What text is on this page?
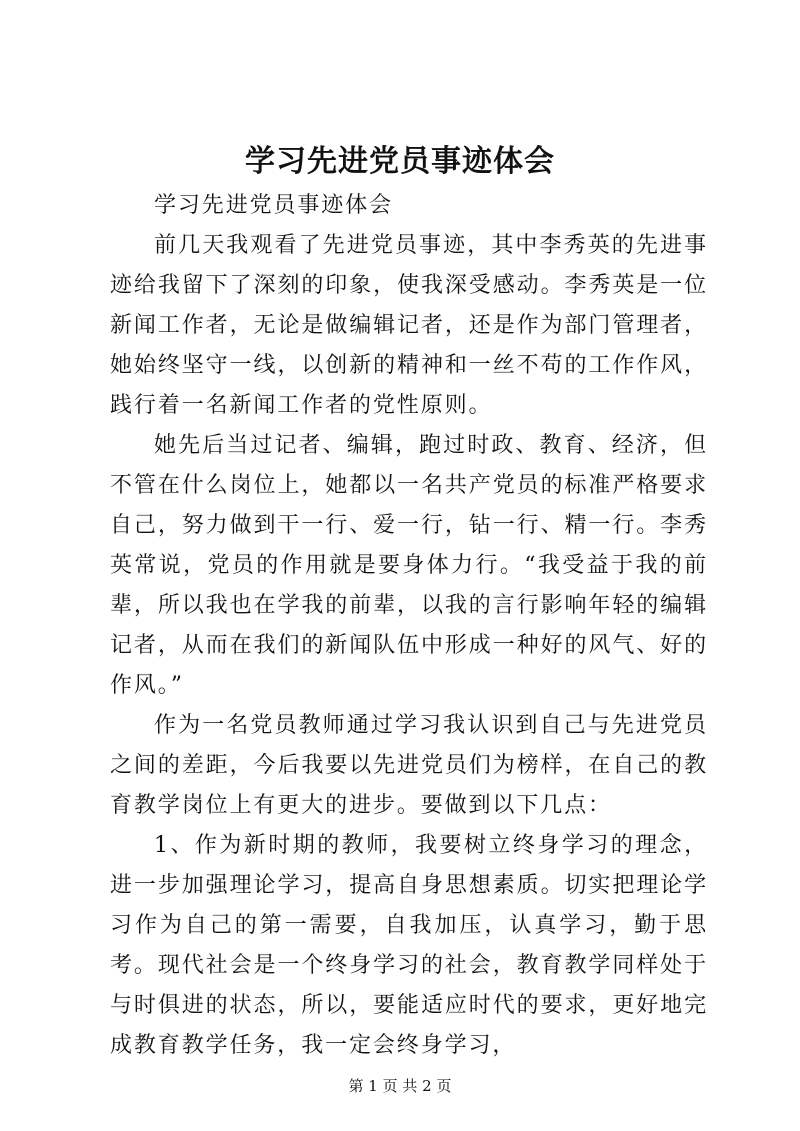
学习先进党员事迹体会

学习先进党员事迹体会

前几天我观看了先进党员事迹，其中李秀英的先进事迹给我留下了深刻的印象，使我深受感动。李秀英是一位新闻工作者，无论是做编辑记者，还是作为部门管理者，她始终坚守一线，以创新的精神和一丝不苟的工作作风，践行着一名新闻工作者的党性原则。

她先后当过记者、编辑，跑过时政、教育、经济，但不管在什么岗位上，她都以一名共产党员的标准严格要求自己，努力做到干一行、爱一行，钻一行、精一行。李秀英常说，党员的作用就是要身体力行。“我受益于我的前辈，所以我也在学我的前辈，以我的言行影响年轻的编辑记者，从而在我们的新闻队伍中形成一种好的风气、好的作风。”

作为一名党员教师通过学习我认识到自己与先进党员之间的差距，今后我要以先进党员们为榜样，在自己的教育教学岗位上有更大的进步。要做到以下几点：

1、作为新时期的教师，我要树立终身学习的理念，进一步加强理论学习，提高自身思想素质。切实把理论学习作为自己的第一需要，自我加压，认真学习，勤于思考。现代社会是一个终身学习的社会，教育教学同样处于与时俱进的状态，所以，要能适应时代的要求，更好地完成教育教学任务，我一定会终身学习，

第 1 页 共 2 页
